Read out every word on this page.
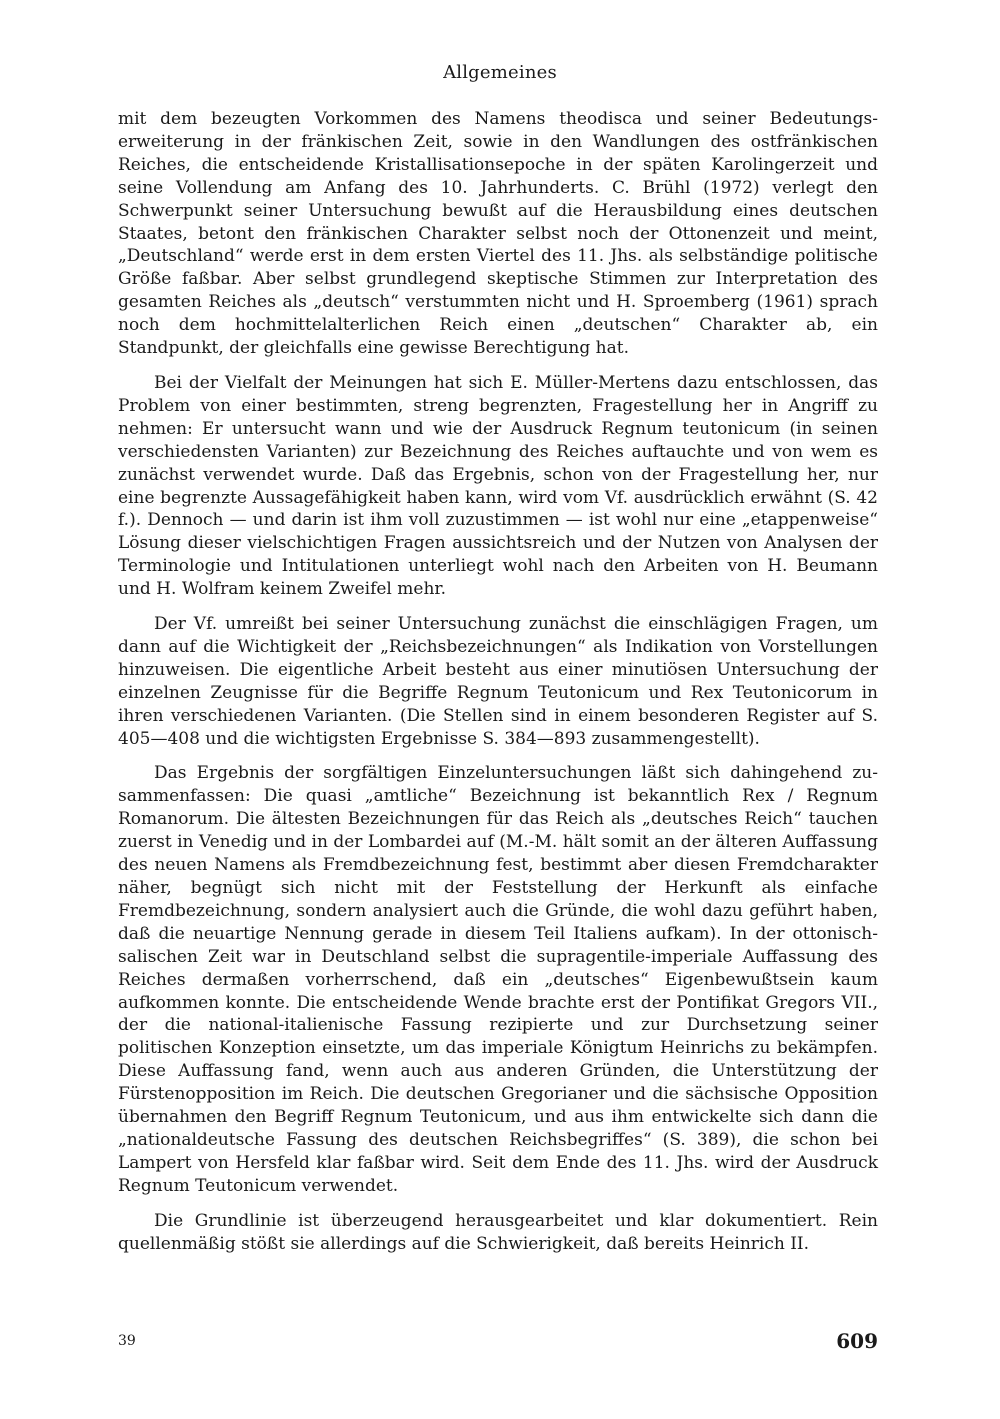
Allgemeines

mit dem bezeugten Vorkommen des Namens theodisca und seiner Bedeutungserweiterung in der fränkischen Zeit, sowie in den Wandlungen des ostfränkischen Reiches, die entscheidende Kristallisationsepoche in der späten Karolingerzeit und seine Vollendung am Anfang des 10. Jahrhunderts. C. Brühl (1972) verlegt den Schwerpunkt seiner Untersuchung bewußt auf die Herausbildung eines deutschen Staates, betont den fränkischen Charakter selbst noch der Ottonenzeit und meint, „Deutschland“ werde erst in dem ersten Viertel des 11. Jhs. als selbständige politische Größe faßbar. Aber selbst grundlegend skeptische Stimmen zur Interpretation des gesamten Reiches als „deutsch“ verstummten nicht und H. Sproemberg (1961) sprach noch dem hochmittelalterlichen Reich einen „deutschen“ Charakter ab, ein Standpunkt, der gleichfalls eine gewisse Berechtigung hat.

Bei der Vielfalt der Meinungen hat sich E. Müller-Mertens dazu entschlossen, das Problem von einer bestimmten, streng begrenzten, Fragestellung her in Angriff zu nehmen: Er untersucht wann und wie der Ausdruck Regnum teutonicum (in seinen verschiedensten Varianten) zur Bezeichnung des Reiches auftauchte und von wem es zunächst verwendet wurde. Daß das Ergebnis, schon von der Fragestellung her, nur eine begrenzte Aussagefähigkeit haben kann, wird vom Vf. ausdrücklich erwähnt (S. 42 f.). Dennoch — und darin ist ihm voll zuzustimmen — ist wohl nur eine „etappenweise“ Lösung dieser vielschichtigen Fragen aussichtsreich und der Nutzen von Analysen der Terminologie und Intitulationen unterliegt wohl nach den Arbeiten von H. Beumann und H. Wolfram keinem Zweifel mehr.

Der Vf. umreißt bei seiner Untersuchung zunächst die einschlägigen Fragen, um dann auf die Wichtigkeit der „Reichsbezeichnungen“ als Indikation von Vorstellungen hinzuweisen. Die eigentliche Arbeit besteht aus einer minutiösen Untersuchung der einzelnen Zeugnisse für die Begriffe Regnum Teutonicum und Rex Teutonicorum in ihren verschiedenen Varianten. (Die Stellen sind in einem besonderen Register auf S. 405—408 und die wichtigsten Ergebnisse S. 384—893 zusammengestellt).

Das Ergebnis der sorgfältigen Einzeluntersuchungen läßt sich dahingehend zusammenfassen: Die quasi „amtliche“ Bezeichnung ist bekanntlich Rex / Regnum Romanorum. Die ältesten Bezeichnungen für das Reich als „deutsches Reich“ tauchen zuerst in Venedig und in der Lombardei auf (M.-M. hält somit an der älteren Auffassung des neuen Namens als Fremdbezeichnung fest, bestimmt aber diesen Fremdcharakter näher, begnügt sich nicht mit der Feststellung der Herkunft als einfache Fremdbezeichnung, sondern analysiert auch die Gründe, die wohl dazu geführt haben, daß die neuartige Nennung gerade in diesem Teil Italiens aufkam). In der ottonisch-salischen Zeit war in Deutschland selbst die supragentile-imperiale Auffassung des Reiches dermaßen vorherrschend, daß ein „deutsches“ Eigenbewußtsein kaum aufkommen konnte. Die entscheidende Wende brachte erst der Pontifikat Gregors VII., der die national-italienische Fassung rezipierte und zur Durchsetzung seiner politischen Konzeption einsetzte, um das imperiale Königtum Heinrichs zu bekämpfen. Diese Auffassung fand, wenn auch aus anderen Gründen, die Unterstützung der Fürstenopposition im Reich. Die deutschen Gregorianer und die sächsische Opposition übernahmen den Begriff Regnum Teutonicum, und aus ihm entwickelte sich dann die „nationaldeutsche Fassung des deutschen Reichsbegriffes“ (S. 389), die schon bei Lampert von Hersfeld klar faßbar wird. Seit dem Ende des 11. Jhs. wird der Ausdruck Regnum Teutonicum verwendet.

Die Grundlinie ist überzeugend herausgearbeitet und klar dokumentiert. Rein quellenmäßig stößt sie allerdings auf die Schwierigkeit, daß bereits Heinrich II.

39	609
